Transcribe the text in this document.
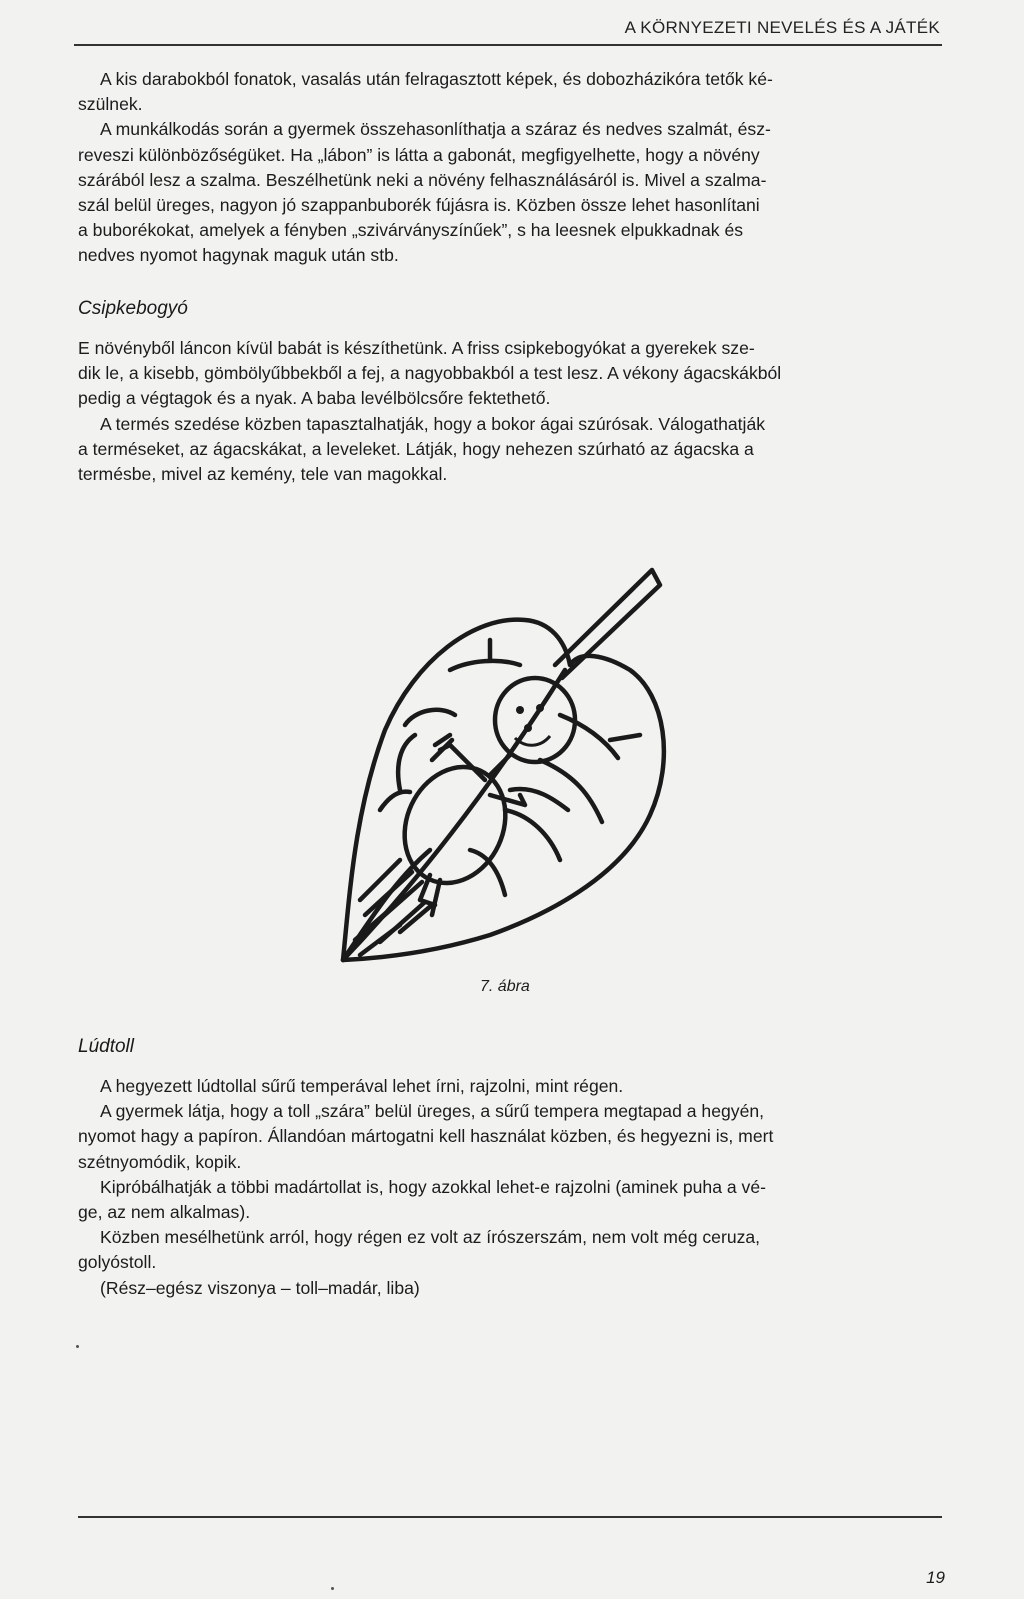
A KÖRNYEZETI NEVELÉS ÉS A JÁTÉK

A kis darabokból fonatok, vasalás után felragasztott képek, és dobozházikóra tetők ké-

szülnek.

A munkálkodás során a gyermek összehasonlíthatja a száraz és nedves szalmát, ész-

reveszi különbözőségüket. Ha „lábon” is látta a gabonát, megfigyelhette, hogy a növény

szárából lesz a szalma. Beszélhetünk neki a növény felhasználásáról is. Mivel a szalma-

szál belül üreges, nagyon jó szappanbuborék fújásra is. Közben össze lehet hasonlítani

a buborékokat, amelyek a fényben „szivárványszínűek”, s ha leesnek elpukkadnak és

nedves nyomot hagynak maguk után stb.

Csipkebogyó

E növényből láncon kívül babát is készíthetünk. A friss csipkebogyókat a gyerekek sze-

dik le, a kisebb, gömbölyűbbekből a fej, a nagyobbakból a test lesz. A vékony ágacskákból

pedig a végtagok és a nyak. A baba levélbölcsőre fektethető.

A termés szedése közben tapasztalhatják, hogy a bokor ágai szúrósak. Válogathatják

a terméseket, az ágacskákat, a leveleket. Látják, hogy nehezen szúrható az ágacska a

termésbe, mivel az kemény, tele van magokkal.

7. ábra
Lúdtoll

A hegyezett lúdtollal sűrű temperával lehet írni, rajzolni, mint régen.

A gyermek látja, hogy a toll „szára” belül üreges, a sűrű tempera megtapad a hegyén,

nyomot hagy a papíron. Állandóan mártogatni kell használat közben, és hegyezni is, mert

szétnyomódik, kopik.

Kipróbálhatják a többi madártollat is, hogy azokkal lehet-e rajzolni (aminek puha a vé-

ge, az nem alkalmas).

Közben mesélhetünk arról, hogy régen ez volt az írószerszám, nem volt még ceruza,

golyóstoll.

(Rész–egész viszonya – toll–madár, liba)

19
